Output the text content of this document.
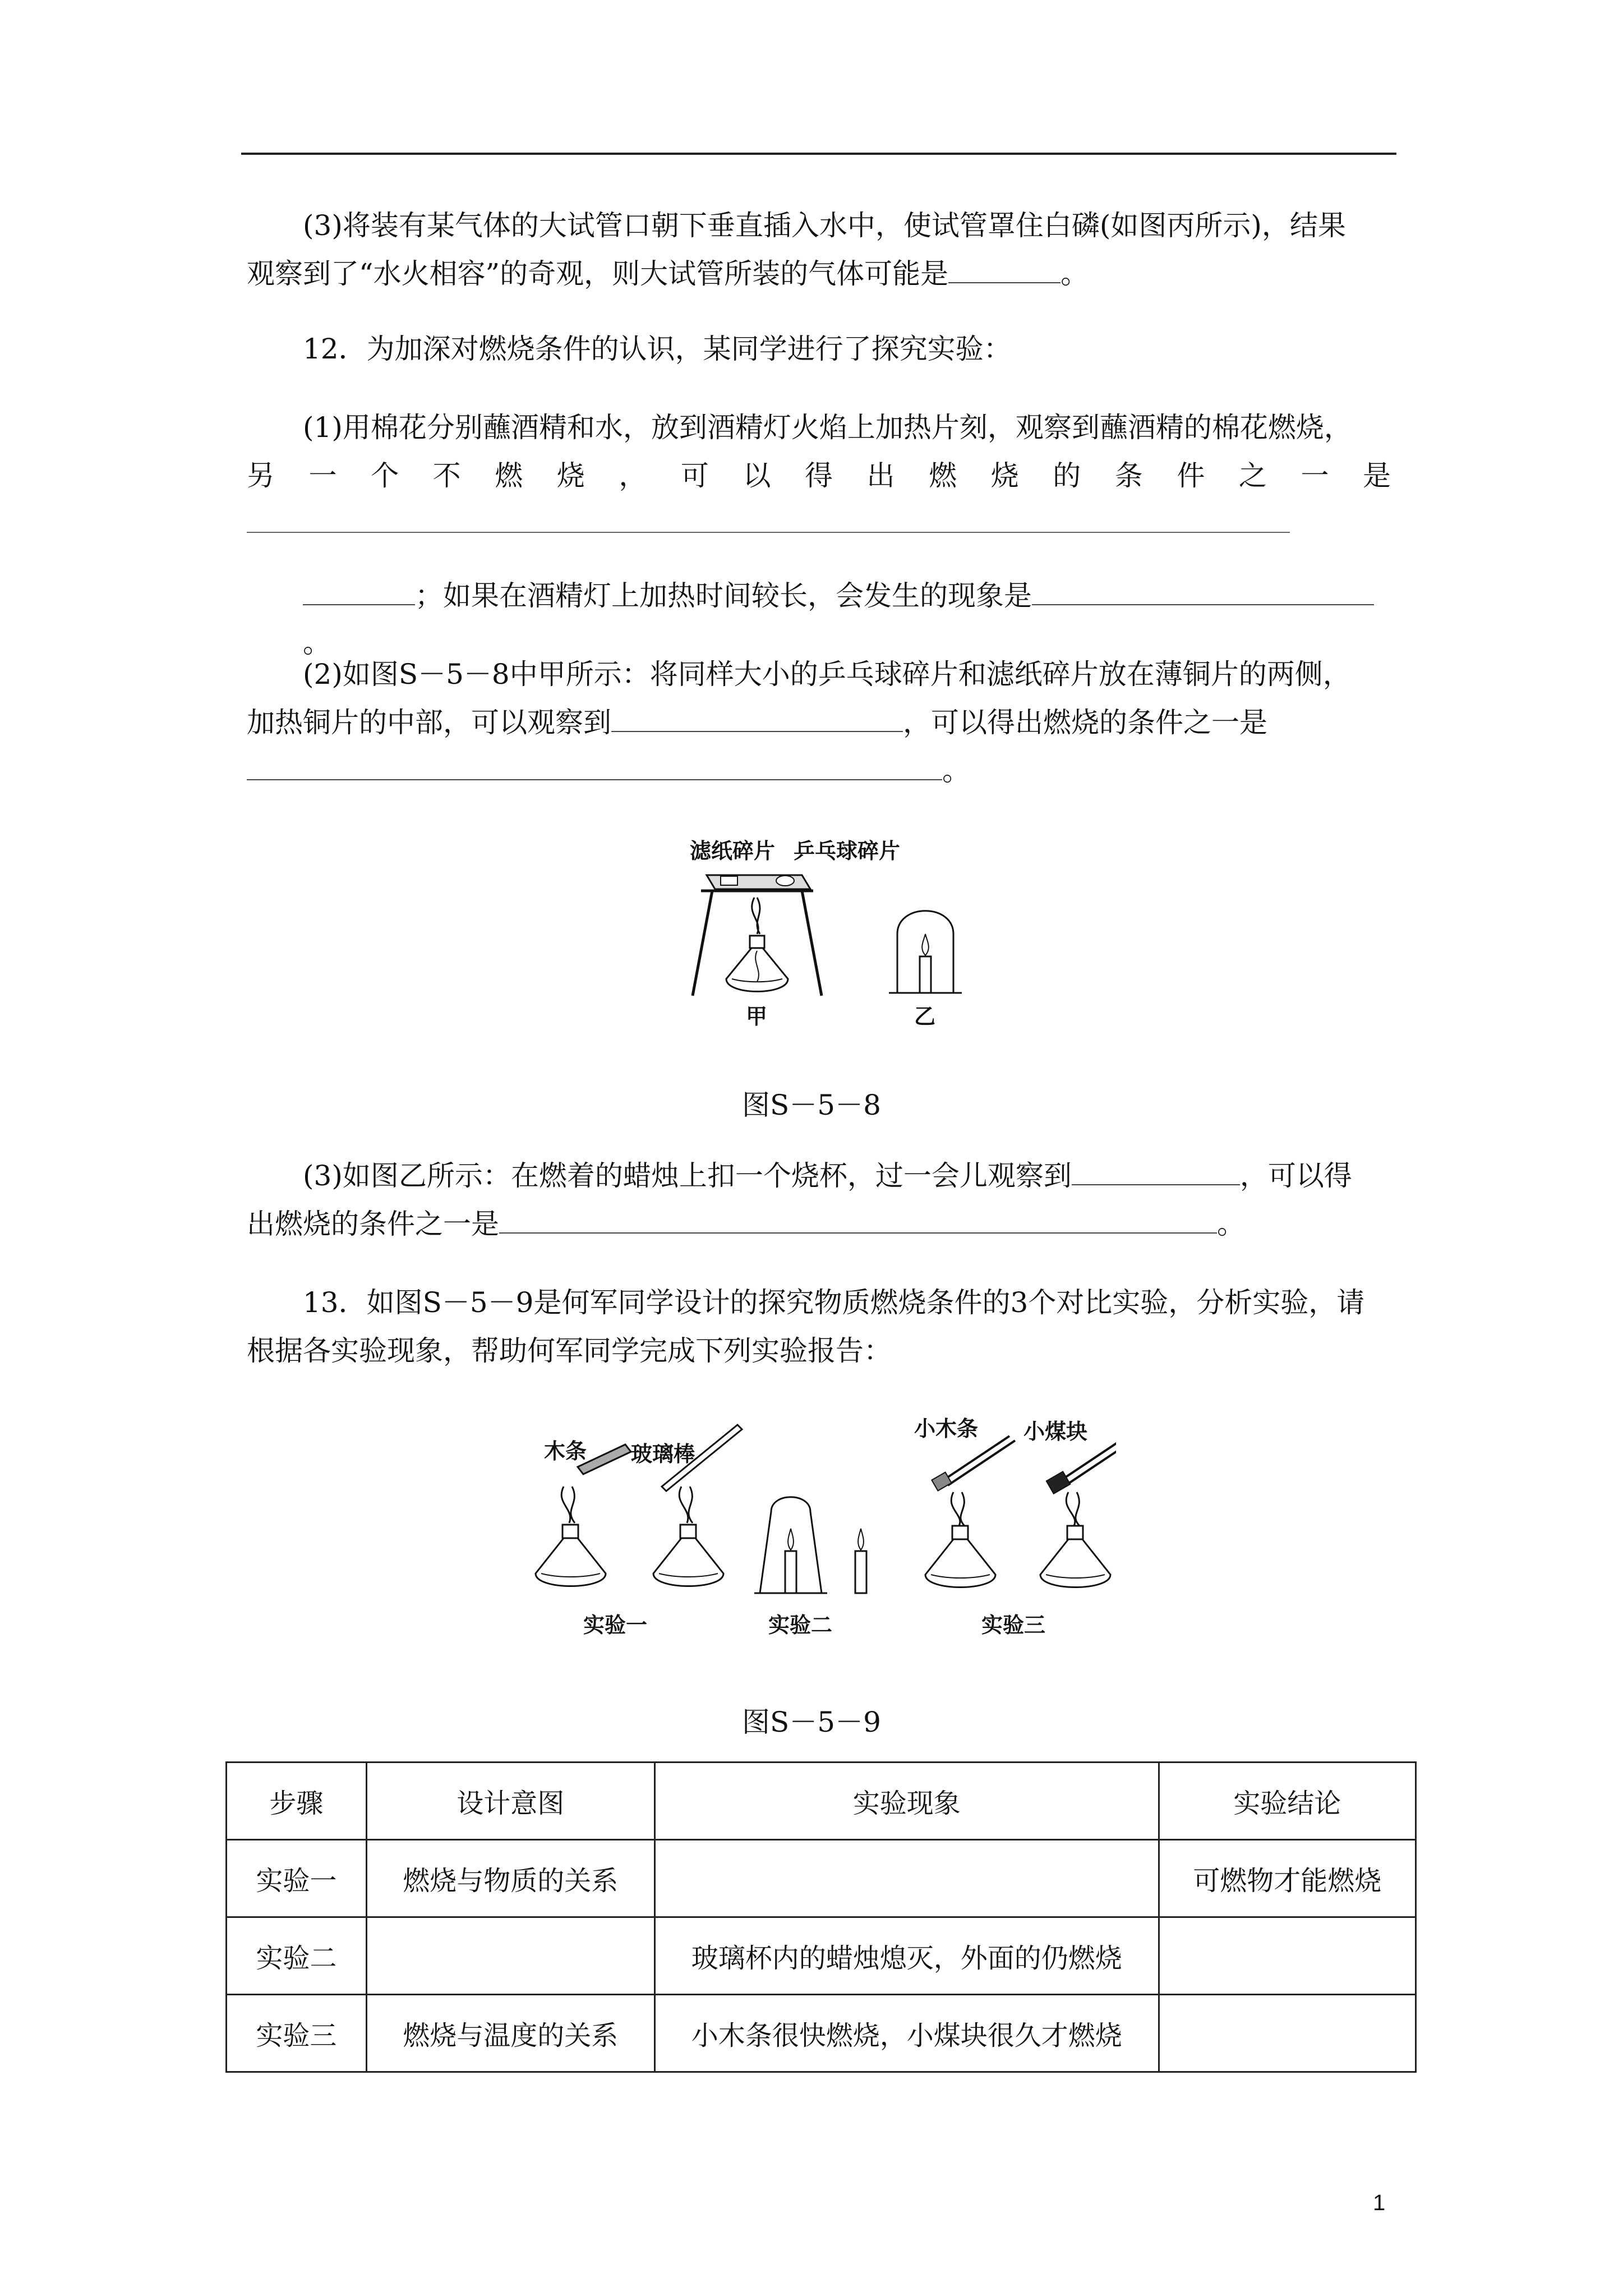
(3)将装有某气体的大试管口朝下垂直插入水中，使试管罩住白磷(如图丙所示)，结果

观察到了“水火相容”的奇观，则大试管所装的气体可能是	。

12．为加深对燃烧条件的认识，某同学进行了探究实验：

(1)用棉花分别蘸酒精和水，放到酒精灯火焰上加热片刻，观察到蘸酒精的棉花燃烧，

另一个不燃烧，可以得出燃烧的条件之一是

；如果在酒精灯上加热时间较长，会发生的现象是。

(2)如图S－5－8中甲所示：将同样大小的乒乓球碎片和滤纸碎片放在薄铜片的两侧，

加热铜片的中部，可以观察到	，可以得出燃烧的条件之一是

。

滤纸碎片 乒乓球碎片
甲	乙
图S－5－8

(3)如图乙所示：在燃着的蜡烛上扣一个烧杯，过一会儿观察到	，可以得

出燃烧的条件之一是	。

13．如图S－5－9是何军同学设计的探究物质燃烧条件的3个对比实验，分析实验，请

根据各实验现象，帮助何军同学完成下列实验报告：

木条 玻璃棒
实验一	实验二
小木条 小煤块
实验三
图S－5－9
步骤	设计意图	实验现象	实验结论
实验一	燃烧与物质的关系		可燃物才能燃烧
实验二		玻璃杯内的蜡烛熄灭，外面的仍燃烧	
实验三	燃烧与温度的关系	小木条很快燃烧，小煤块很久才燃烧	
1
